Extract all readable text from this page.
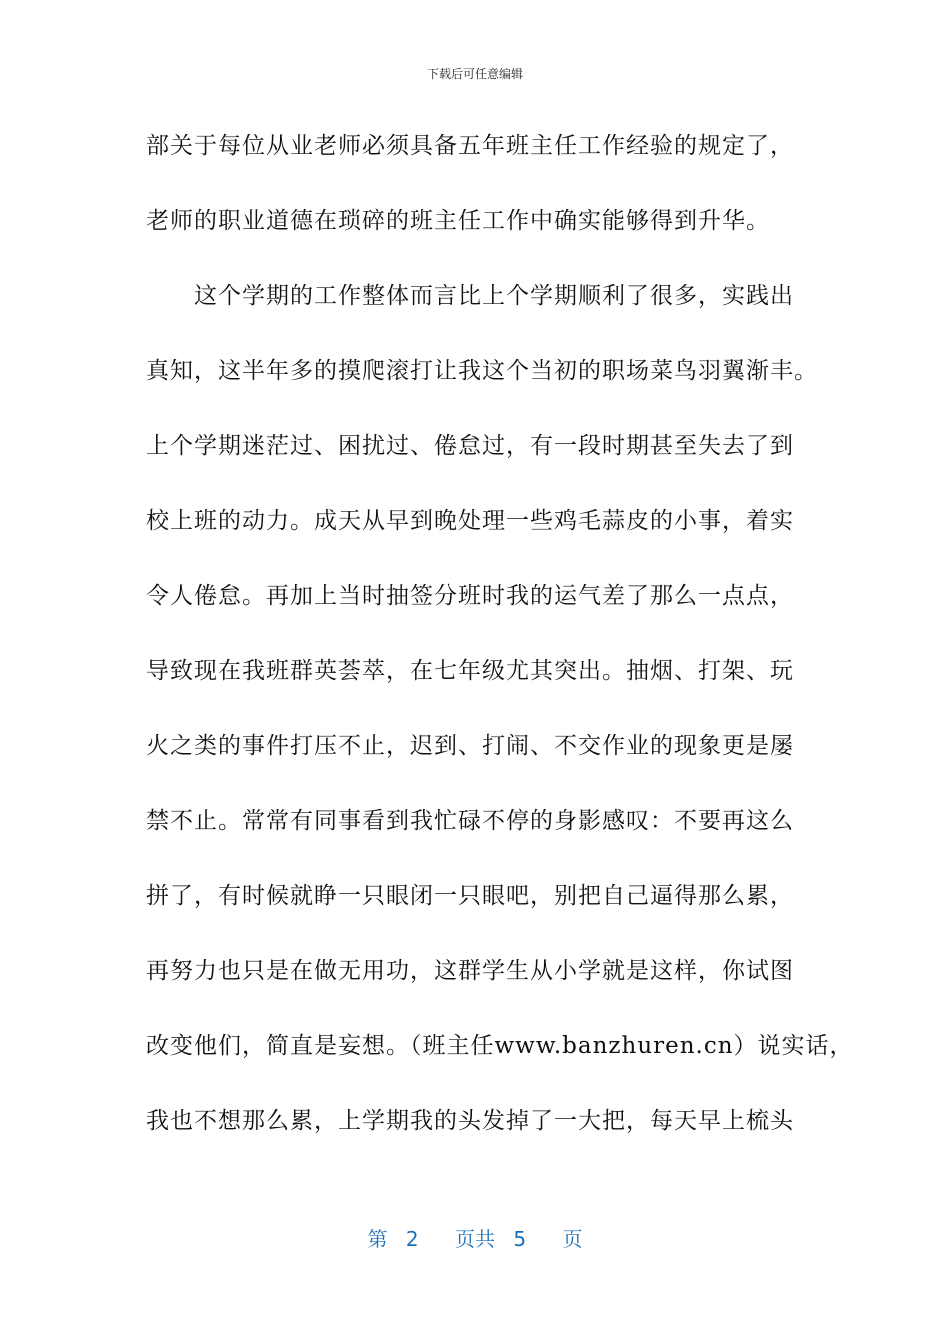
下载后可任意编辑
部关于每位从业老师必须具备五年班主任工作经验的规定了，
老师的职业道德在琐碎的班主任工作中确实能够得到升华。
这个学期的工作整体而言比上个学期顺利了很多，实践出
真知，这半年多的摸爬滚打让我这个当初的职场菜鸟羽翼渐丰。
上个学期迷茫过、困扰过、倦怠过，有一段时期甚至失去了到
校上班的动力。成天从早到晚处理一些鸡毛蒜皮的小事，着实
令人倦怠。再加上当时抽签分班时我的运气差了那么一点点，
导致现在我班群英荟萃，在七年级尤其突出。抽烟、打架、玩
火之类的事件打压不止，迟到、打闹、不交作业的现象更是屡
禁不止。常常有同事看到我忙碌不停的身影感叹：不要再这么
拼了，有时候就睁一只眼闭一只眼吧，别把自己逼得那么累，
再努力也只是在做无用功，这群学生从小学就是这样，你试图
改变他们，简直是妄想。（班主任www.banzhuren.cn）说实话，
我也不想那么累，上学期我的头发掉了一大把，每天早上梳头
第 2 页共 5 页
